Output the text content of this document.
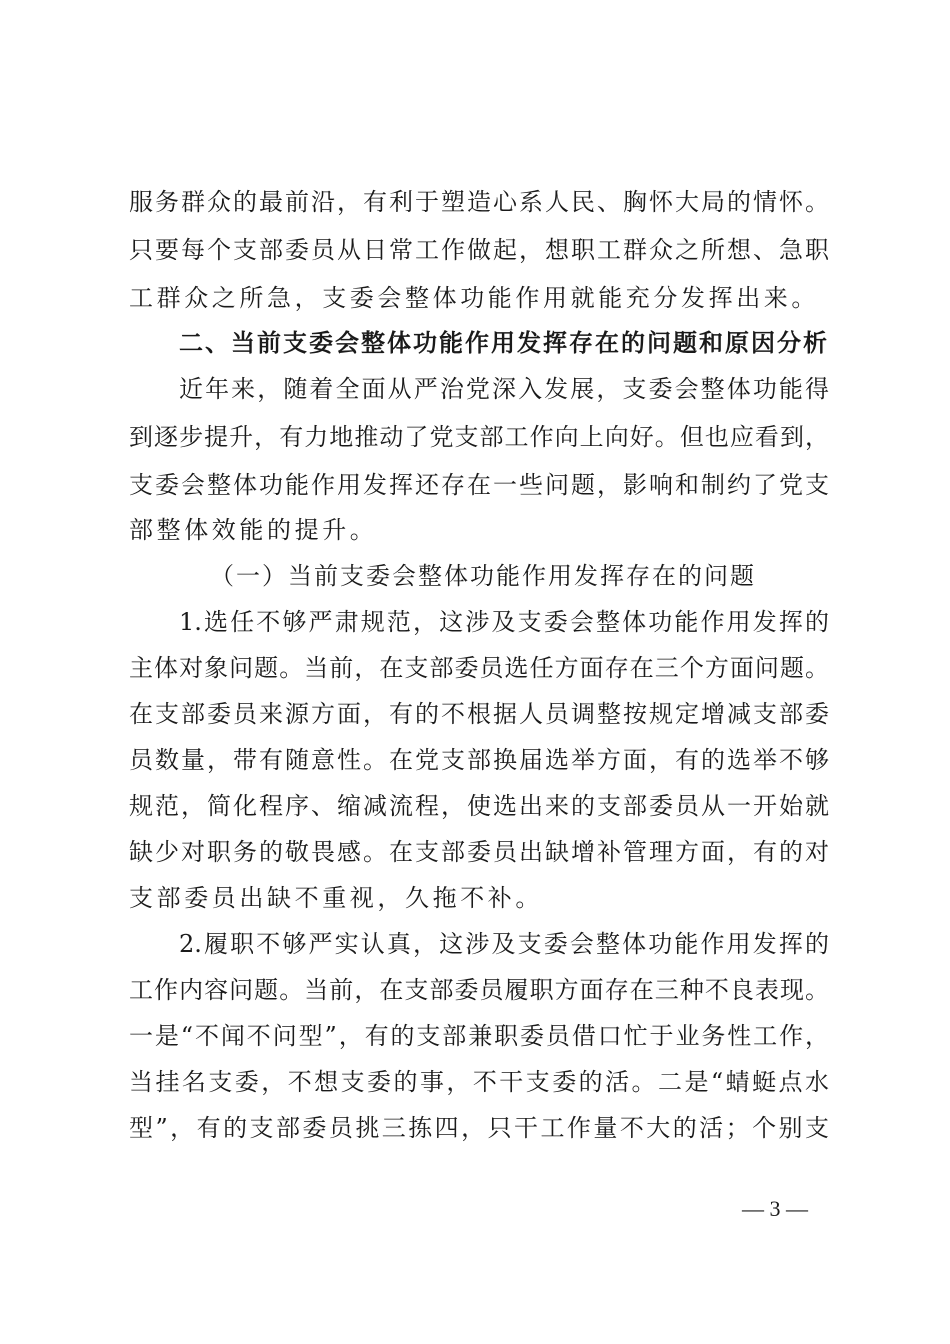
服务群众的最前沿，有利于塑造心系人民、胸怀大局的情怀。
只要每个支部委员从日常工作做起，想职工群众之所想、急职
工群众之所急，支委会整体功能作用就能充分发挥出来。
二、当前支委会整体功能作用发挥存在的问题和原因分析
近年来，随着全面从严治党深入发展，支委会整体功能得
到逐步提升，有力地推动了党支部工作向上向好。但也应看到，
支委会整体功能作用发挥还存在一些问题，影响和制约了党支
部整体效能的提升。
（一）当前支委会整体功能作用发挥存在的问题
1.选任不够严肃规范，这涉及支委会整体功能作用发挥的
主体对象问题。当前，在支部委员选任方面存在三个方面问题。
在支部委员来源方面，有的不根据人员调整按规定增减支部委
员数量，带有随意性。在党支部换届选举方面，有的选举不够
规范，简化程序、缩减流程，使选出来的支部委员从一开始就
缺少对职务的敬畏感。在支部委员出缺增补管理方面，有的对
支部委员出缺不重视，久拖不补。
2.履职不够严实认真，这涉及支委会整体功能作用发挥的
工作内容问题。当前，在支部委员履职方面存在三种不良表现。
一是“不闻不问型”，有的支部兼职委员借口忙于业务性工作，
当挂名支委，不想支委的事，不干支委的活。二是“蜻蜓点水
型”，有的支部委员挑三拣四，只干工作量不大的活；个别支
— 3 —
